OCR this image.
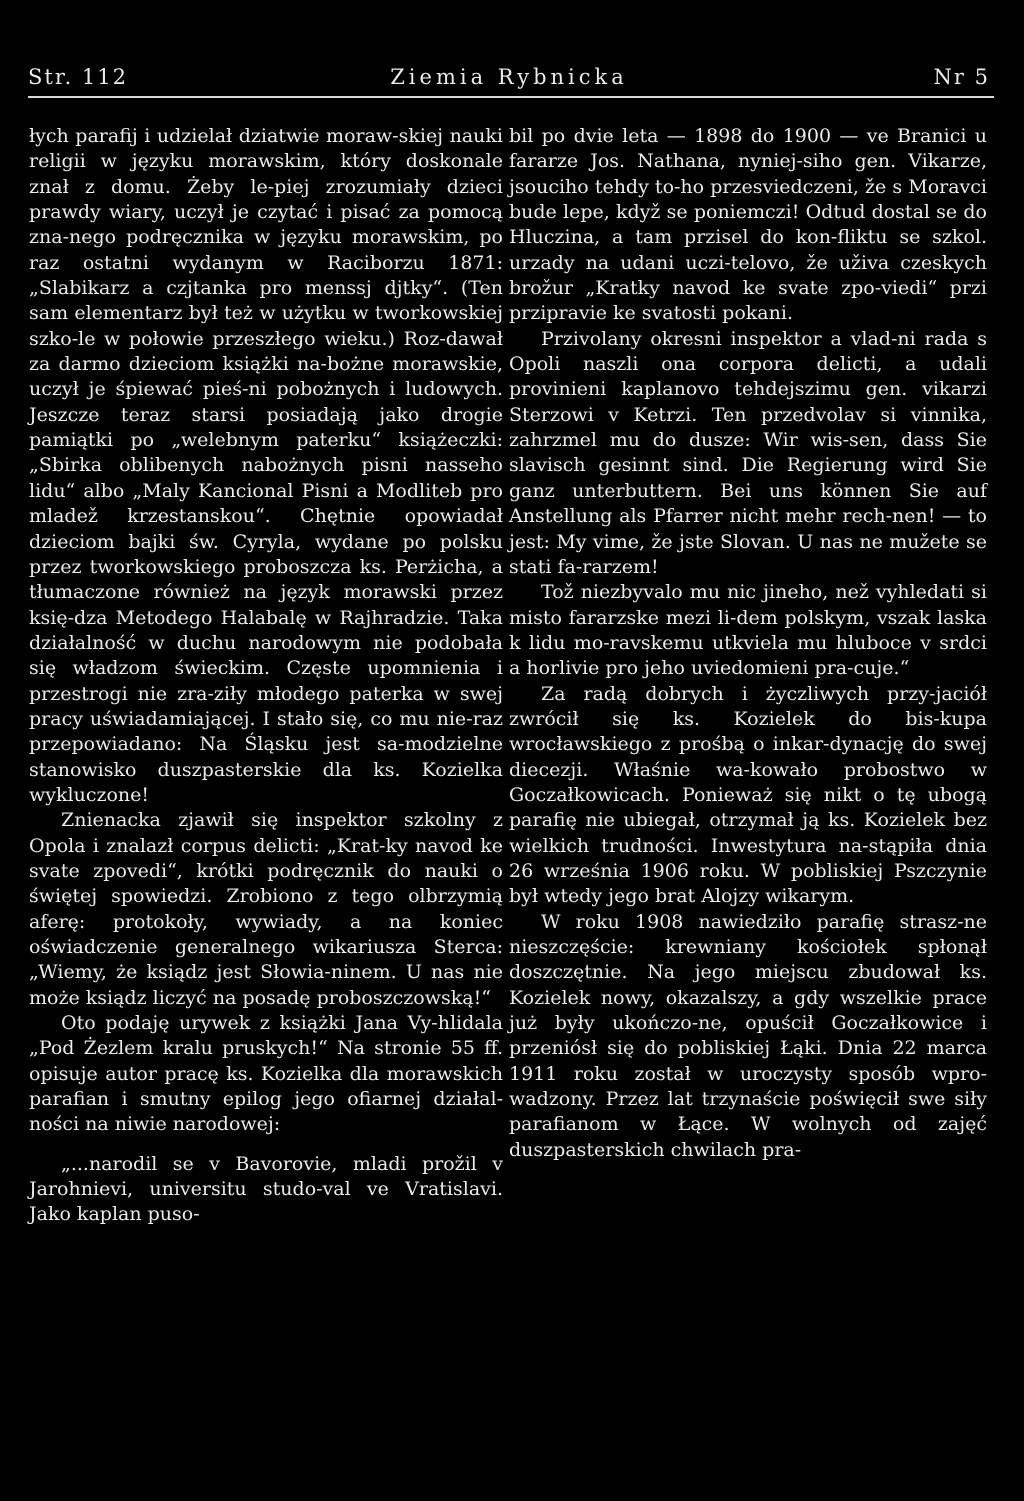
Str. 112	Ziemia Rybnicka	Nr 5

łych parafij i udzielał dziatwie moraw-skiej nauki religii w języku morawskim, który doskonale znał z domu. Żeby le-piej zrozumiały dzieci prawdy wiary, uczył je czytać i pisać za pomocą zna-nego podręcznika w języku morawskim, po raz ostatni wydanym w Raciborzu 1871: „Slabikarz a czjtanka pro menssj djtky“. (Ten sam elementarz był też w użytku w tworkowskiej szko-le w połowie przeszłego wieku.) Roz-dawał za darmo dzieciom książki na-bożne morawskie, uczył je śpiewać pieś-ni pobożnych i ludowych. Jeszcze teraz starsi posiadają jako drogie pamiątki po „welebnym paterku“ książeczki: „Sbirka oblibenych nabożnych pisni nasseho lidu“ albo „Maly Kancional Pisni a Modliteb pro mladež krzestanskou“. Chętnie opowiadał dzieciom bajki św. Cyryla, wydane po polsku przez tworkowskiego proboszcza ks. Perżicha, a tłumaczone również na język morawski przez księ-dza Metodego Halabalę w Rajhradzie. Taka działalność w duchu narodowym nie podobała się władzom świeckim. Częste upomnienia i przestrogi nie zra-ziły młodego paterka w swej pracy uświadamiającej. I stało się, co mu nie-raz przepowiadano: Na Śląsku jest sa-modzielne stanowisko duszpasterskie dla ks. Kozielka wykluczone!

Znienacka zjawił się inspektor szkolny z Opola i znalazł corpus delicti: „Krat-ky navod ke svate zpovedi“, krótki podręcznik do nauki o świętej spowiedzi. Zrobiono z tego olbrzymią aferę: protokoły, wywiady, a na koniec oświadczenie generalnego wikariusza Sterca: „Wiemy, że ksiądz jest Słowia-ninem. U nas nie może ksiądz liczyć na posadę proboszczowską!“

Oto podaję urywek z książki Jana Vy-hlidala „Pod Żezlem kralu pruskych!“ Na stronie 55 ff. opisuje autor pracę ks. Kozielka dla morawskich parafian i smutny epilog jego ofiarnej działal-ności na niwie narodowej:

„...narodil se v Bavorovie, mladi prožil v Jarohnievi, universitu studo-val ve Vratislavi. Jako kaplan puso-

bil po dvie leta — 1898 do 1900 — ve Branici u fararze Jos. Nathana, nyniej-siho gen. Vikarze, jsouciho tehdy to-ho przesviedczeni, že s Moravci bude lepe, když se poniemczi! Odtud dostal se do Hluczina, a tam przisel do kon-fliktu se szkol. urzady na udani uczi-telovo, že uživa czeskych brožur „Kratky navod ke svate zpo-viedi“ przi przipravie ke svatosti pokani.

Przivolany okresni inspektor a vlad-ni rada s Opoli naszli ona corpora delicti, a udali provinieni kaplanovo tehdejszimu gen. vikarzi Sterzowi v Ketrzi. Ten przedvolav si vinnika, zahrzmel mu do dusze: Wir wis-sen, dass Sie slavisch gesinnt sind. Die Regierung wird Sie ganz unterbuttern. Bei uns können Sie auf Anstellung als Pfarrer nicht mehr rech-nen! — to jest: My vime, že jste Slovan. U nas ne mužete se stati fa-rarzem!

Tož niezbyvalo mu nic jineho, než vyhledati si misto fararzske mezi li-dem polskym, vszak laska k lidu mo-ravskemu utkviela mu hluboce v srdci a horlivie pro jeho uviedomieni pra-cuje.“

Za radą dobrych i życzliwych przy-jaciół zwrócił się ks. Kozielek do bis-kupa wrocławskiego z prośbą o inkar-dynację do swej diecezji. Właśnie wa-kowało probostwo w Goczałkowicach. Ponieważ się nikt o tę ubogą parafię nie ubiegał, otrzymał ją ks. Kozielek bez wielkich trudności. Inwestytura na-stąpiła dnia 26 września 1906 roku. W pobliskiej Pszczynie był wtedy jego brat Alojzy wikarym.

W roku 1908 nawiedziło parafię strasz-ne nieszczęście: krewniany kościołek spłonął doszczętnie. Na jego miejscu zbudował ks. Kozielek nowy, okazalszy, a gdy wszelkie prace już były ukończo-ne, opuścił Goczałkowice i przeniósł się do pobliskiej Łąki. Dnia 22 marca 1911 roku został w uroczysty sposób wpro-wadzony. Przez lat trzynaście poświęcił swe siły parafianom w Łące. W wolnych od zajęć duszpasterskich chwilach pra-
